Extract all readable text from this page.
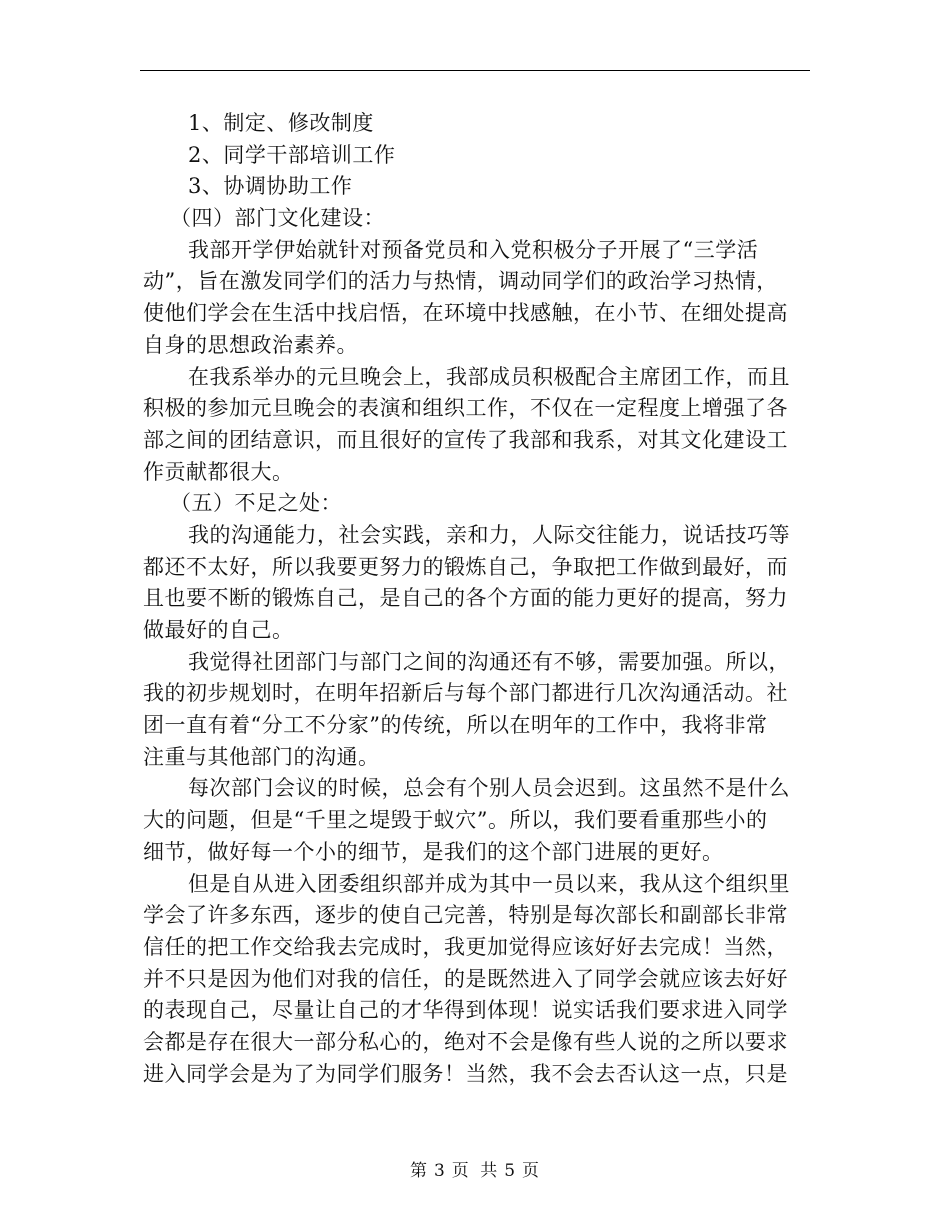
1、制定、修改制度
2、同学干部培训工作
3、协调协助工作
（四）部门文化建设：
我部开学伊始就针对预备党员和入党积极分子开展了“三学活
动”，旨在激发同学们的活力与热情，调动同学们的政治学习热情，
使他们学会在生活中找启悟，在环境中找感触，在小节、在细处提高
自身的思想政治素养。
在我系举办的元旦晚会上，我部成员积极配合主席团工作，而且
积极的参加元旦晚会的表演和组织工作，不仅在一定程度上增强了各
部之间的团结意识，而且很好的宣传了我部和我系，对其文化建设工
作贡献都很大。
（五）不足之处：
我的沟通能力，社会实践，亲和力，人际交往能力，说话技巧等
都还不太好，所以我要更努力的锻炼自己，争取把工作做到最好，而
且也要不断的锻炼自己，是自己的各个方面的能力更好的提高，努力
做最好的自己。
我觉得社团部门与部门之间的沟通还有不够，需要加强。所以，
我的初步规划时，在明年招新后与每个部门都进行几次沟通活动。社
团一直有着“分工不分家”的传统，所以在明年的工作中，我将非常
注重与其他部门的沟通。
每次部门会议的时候，总会有个别人员会迟到。这虽然不是什么
大的问题，但是“千里之堤毁于蚁穴”。所以，我们要看重那些小的
细节，做好每一个小的细节，是我们的这个部门进展的更好。
但是自从进入团委组织部并成为其中一员以来，我从这个组织里
学会了许多东西，逐步的使自己完善，特别是每次部长和副部长非常
信任的把工作交给我去完成时，我更加觉得应该好好去完成！当然，
并不只是因为他们对我的信任，的是既然进入了同学会就应该去好好
的表现自己，尽量让自己的才华得到体现！说实话我们要求进入同学
会都是存在很大一部分私心的，绝对不会是像有些人说的之所以要求
进入同学会是为了为同学们服务！当然，我不会去否认这一点，只是
第 3 页 共 5 页
